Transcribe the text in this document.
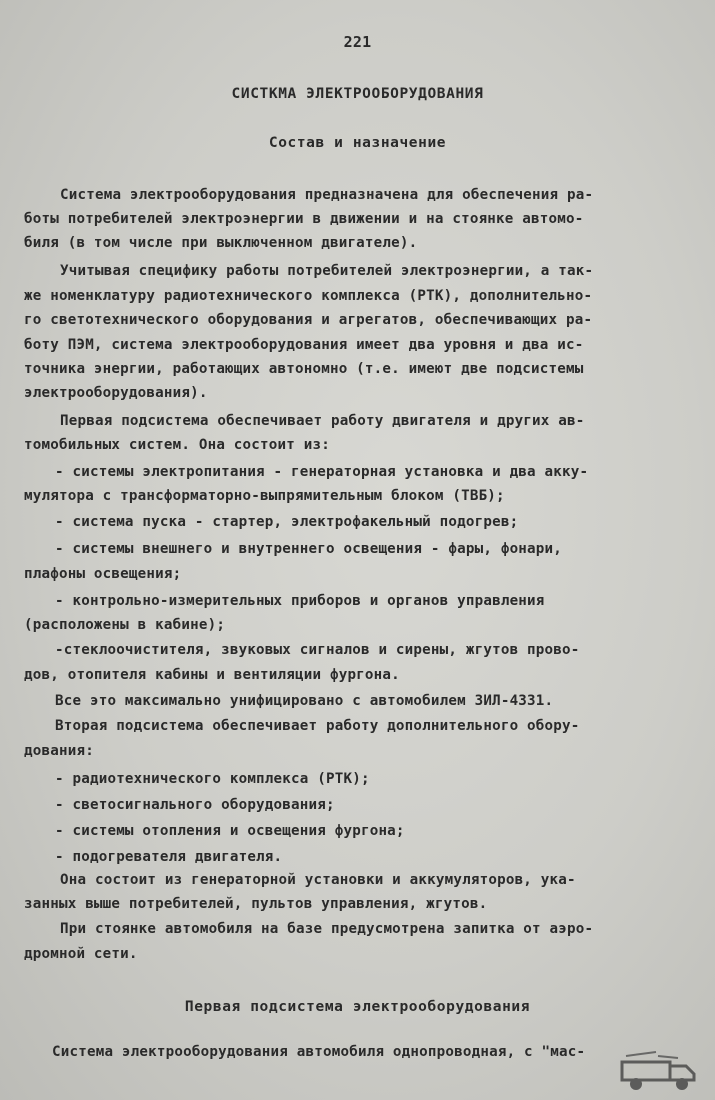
221
СИСТКМА ЭЛЕКТРООБОРУДОВАНИЯ
Состав и назначение
Система электрооборудования предназначена для обеспечения ра-
боты потребителей электроэнергии в движении и на стоянке автомо-
биля (в том числе при выключенном двигателе).
Учитывая специфику работы потребителей электроэнергии, а так-
же номенклатуру радиотехнического комплекса (РТК), дополнительно-
го светотехнического оборудования и агрегатов, обеспечивающих ра-
боту ПЭМ, система электрооборудования имеет два уровня и два ис-
точника энергии, работающих автономно (т.е. имеют две подсистемы
электрооборудования).
Первая подсистема обеспечивает работу двигателя и других ав-
томобильных систем. Она состоит из:
- системы электропитания - генераторная установка и два акку-
мулятора с трансформаторно-выпрямительным блоком (ТВБ);
- система пуска - стартер, электрофакельный подогрев;
- системы внешнего и внутреннего освещения - фары, фонари,
плафоны освещения;
- контрольно-измерительных приборов и органов управления
(расположены в кабине);
-стеклоочистителя, звуковых сигналов и сирены, жгутов прово-
дов, отопителя кабины и вентиляции фургона.
Все это максимально унифицировано с автомобилем ЗИЛ-4331.
Вторая подсистема обеспечивает работу дополнительного обору-
дования:
- радиотехнического комплекса (РТК);
- светосигнального оборудования;
- системы отопления и освещения фургона;
- подогревателя двигателя.
Она состоит из генераторной установки и аккумуляторов, ука-
занных выше потребителей, пультов управления, жгутов.
При стоянке автомобиля на базе предусмотрена запитка от аэро-
дромной сети.
Первая подсистема электрооборудования
Система электрооборудования автомобиля однопроводная, с "мас-
